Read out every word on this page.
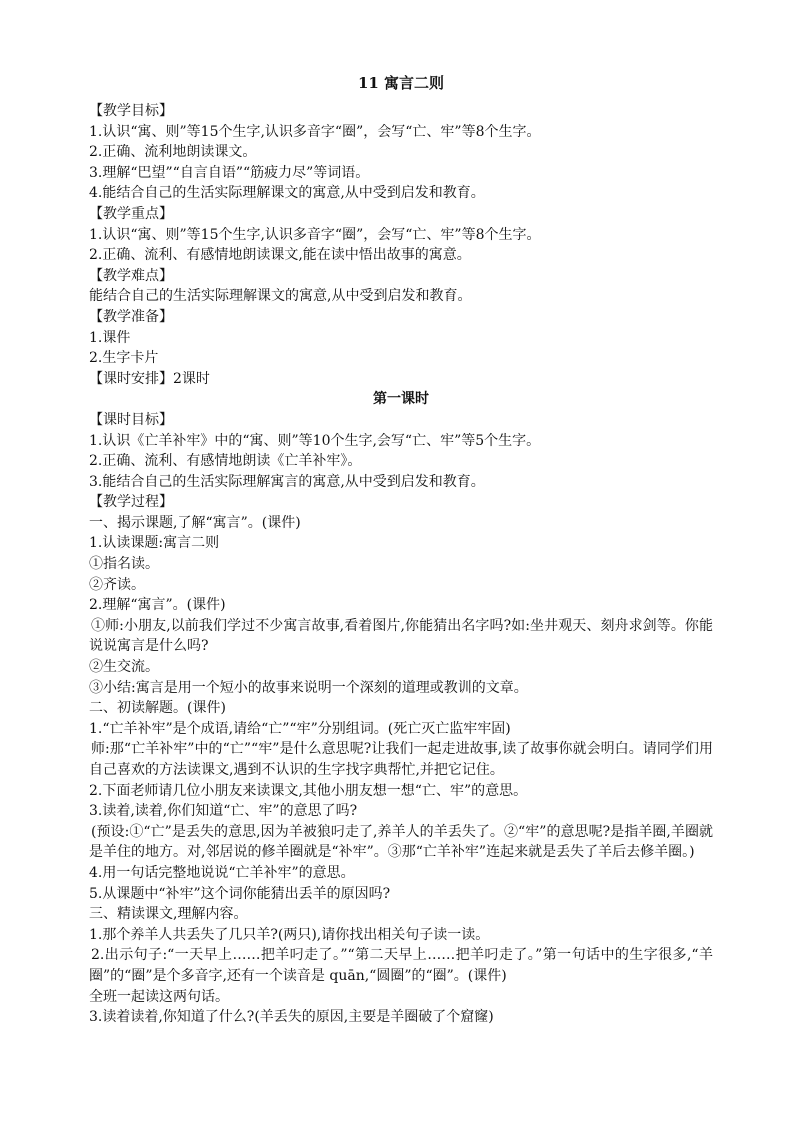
11 寓言二则
【教学目标】
1.认识“寓、则”等15个生字,认识多音字“圈”，会写“亡、牢”等8个生字。
2.正确、流利地朗读课文。
3.理解“巴望”“自言自语”“筋疲力尽”等词语。
4.能结合自己的生活实际理解课文的寓意,从中受到启发和教育。
【教学重点】
1.认识“寓、则”等15个生字,认识多音字“圈”，会写“亡、牢”等8个生字。
2.正确、流利、有感情地朗读课文,能在读中悟出故事的寓意。
【教学难点】
能结合自己的生活实际理解课文的寓意,从中受到启发和教育。
【教学准备】
1.课件
2.生字卡片
【课时安排】2课时
第一课时
【课时目标】
1.认识《亡羊补牢》中的“寓、则”等10个生字,会写“亡、牢”等5个生字。
2.正确、流利、有感情地朗读《亡羊补牢》。
3.能结合自己的生活实际理解寓言的寓意,从中受到启发和教育。
【教学过程】
一、揭示课题,了解“寓言”。(课件)
1.认读课题:寓言二则
①指名读。
②齐读。
2.理解“寓言”。(课件)
①师:小朋友,以前我们学过不少寓言故事,看着图片,你能猜出名字吗?如:坐井观天、刻舟求剑等。你能说说寓言是什么吗?
②生交流。
③小结:寓言是用一个短小的故事来说明一个深刻的道理或教训的文章。
二、初读解题。(课件)
1.“亡羊补牢”是个成语,请给“亡”“牢”分别组词。(死亡灭亡监牢牢固)
师:那“亡羊补牢”中的“亡”“牢”是什么意思呢?让我们一起走进故事,读了故事你就会明白。请同学们用自己喜欢的方法读课文,遇到不认识的生字找字典帮忙,并把它记住。
2.下面老师请几位小朋友来读课文,其他小朋友想一想“亡、牢”的意思。
3.读着,读着,你们知道“亡、牢”的意思了吗?
(预设:①“亡”是丢失的意思,因为羊被狼叼走了,养羊人的羊丢失了。②“牢”的意思呢?是指羊圈,羊圈就是羊住的地方。对,邻居说的修羊圈就是“补牢”。③那“亡羊补牢”连起来就是丢失了羊后去修羊圈。)
4.用一句话完整地说说“亡羊补牢”的意思。
5.从课题中“补牢”这个词你能猜出丢羊的原因吗?
三、精读课文,理解内容。
1.那个养羊人共丢失了几只羊?(两只),请你找出相关句子读一读。
2.出示句子:“一天早上……把羊叼走了。”“第二天早上……把羊叼走了。”第一句话中的生字很多,“羊圈”的“圈”是个多音字,还有一个读音是 quān,“圆圈”的“圈”。(课件)
全班一起读这两句话。
3.读着读着,你知道了什么?(羊丢失的原因,主要是羊圈破了个窟窿)
